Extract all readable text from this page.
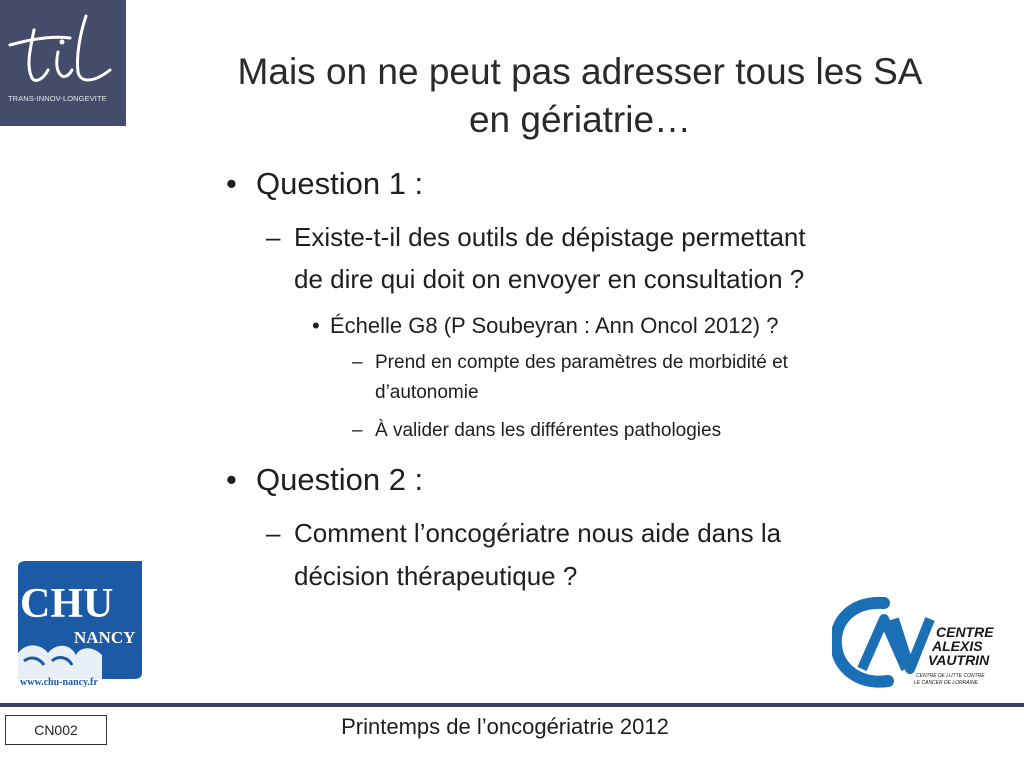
TRANS-INNOV-LONGEVITE
Mais on ne peut pas adresser tous les SA
en gériatrie…
• Question 1 :
– Existe-t-il des outils de dépistage permettant
de dire qui doit on envoyer en consultation ?
• Échelle G8 (P Soubeyran : Ann Oncol 2012) ?
– Prend en compte des paramètres de morbidité et
d’autonomie
– À valider dans les différentes pathologies
• Question 2 :
– Comment l’oncogériatre nous aide dans la
décision thérapeutique ?
CHU
NANCY
www.chu-nancy.fr
CENTRE
ALEXIS
VAUTRIN
CENTRE DE LUTTE CONTRE
LE CANCER DE LORRAINE
CN002	Printemps de l’oncogériatrie 2012
